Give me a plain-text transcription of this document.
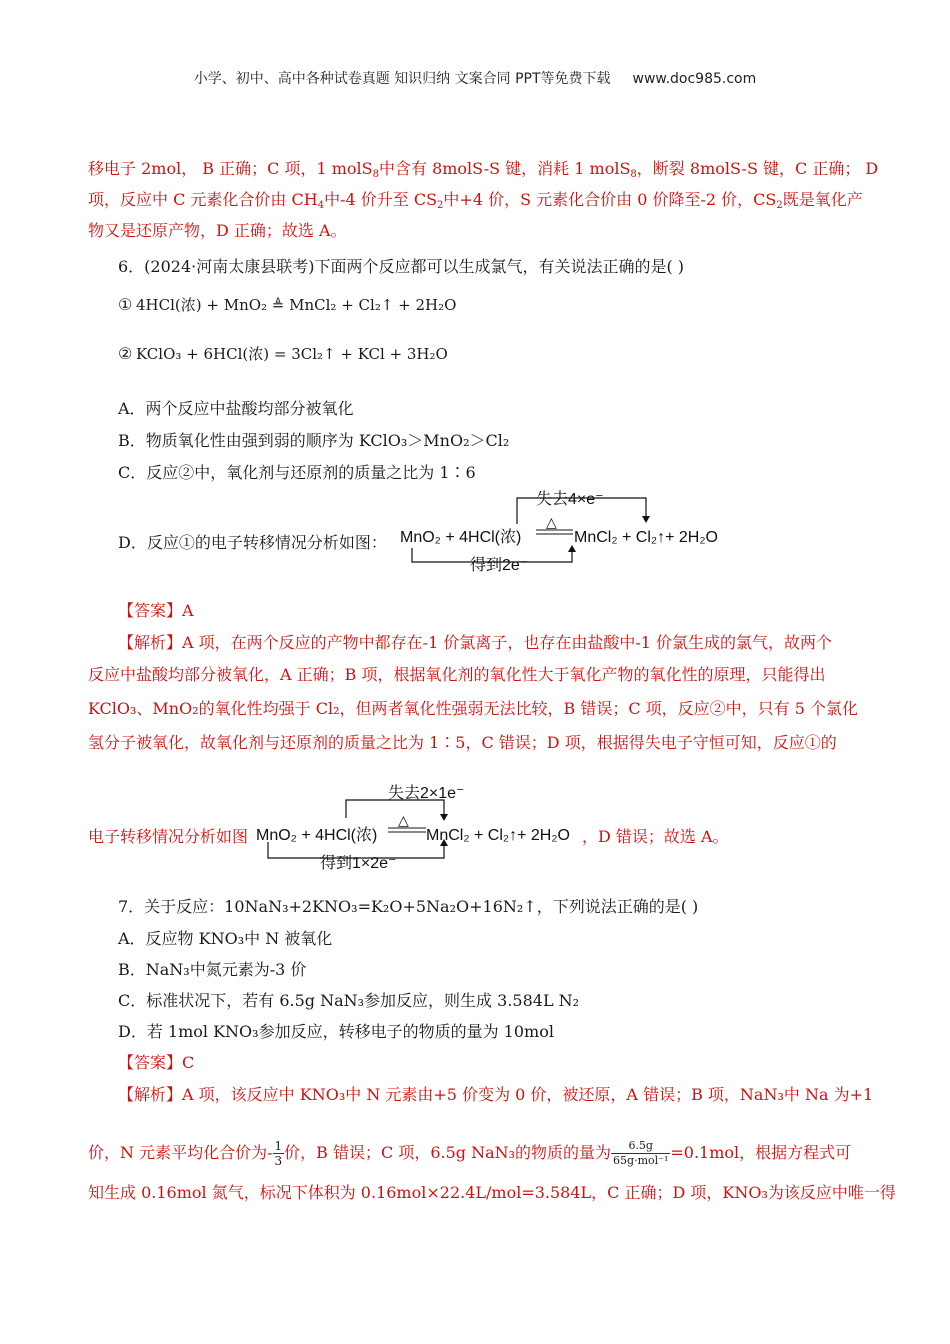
小学、初中、高中各种试卷真题 知识归纳 文案合同 PPT等免费下载 www.doc985.com
移电子 2mol， B 正确；C 项，1 molS$_8$中含有 8molS-S 键，消耗 1 molS$_8$，断裂 8molS-S 键，C 正确； D
项，反应中 C 元素化合价由 $CH_4$中-4 价升至 $CS_2$中+4 价，S 元素化合价由 0 价降至-2 价，$CS_2$既是氧化产
物又是还原产物，D 正确；故选 A。
6．(2024·河南太康县联考)下面两个反应都可以生成氯气，有关说法正确的是( )
① 4HCl(浓) + MnO₂ ≜ MnCl₂ + Cl₂↑ + 2H₂O
② KClO₃ + 6HCl(浓) = 3Cl₂↑ + KCl + 3H₂O
A．两个反应中盐酸均部分被氧化
B．物质氧化性由强到弱的顺序为 KClO₃＞MnO₂＞Cl₂
C．反应②中，氧化剂与还原剂的质量之比为 1∶6
D．反应①的电子转移情况分析如图：
失去4×e⁻
△
MnO₂ + 4HCl(浓)	MnCl₂ + Cl₂↑+ 2H₂O
得到2e⁻
【答案】A
【解析】A 项，在两个反应的产物中都存在-1 价氯离子，也存在由盐酸中-1 价氯生成的氯气，故两个
反应中盐酸均部分被氧化，A 正确；B 项，根据氧化剂的氧化性大于氧化产物的氧化性的原理，只能得出
KClO₃、MnO₂的氧化性均强于 Cl₂，但两者氧化性强弱无法比较，B 错误；C 项，反应②中，只有 5 个氯化
氢分子被氧化，故氧化剂与还原剂的质量之比为 1∶5，C 错误；D 项，根据得失电子守恒可知，反应①的
电子转移情况分析如图	，D 错误；故选 A。
失去2×1e⁻
△
MnO₂ + 4HCl(浓)	MnCl₂ + Cl₂↑+ 2H₂O
得到1×2e⁻
7．关于反应：10NaN₃+2KNO₃=K₂O+5Na₂O+16N₂↑，下列说法正确的是( )
A．反应物 KNO₃中 N 被氧化
B．NaN₃中氮元素为-3 价
C．标准状况下，若有 6.5g NaN₃参加反应，则生成 3.584L N₂
D．若 1mol KNO₃参加反应，转移电子的物质的量为 10mol
【答案】C
【解析】A 项，该反应中 KNO₃中 N 元素由+5 价变为 0 价，被还原，A 错误；B 项，NaN₃中 Na 为+1
价，N 元素平均化合价为- $\frac{1}{3}$ 价，B 错误；C 项，6.5g NaN₃的物质的量为 $\frac{6.5g}{\text{65g·mol⁻¹}} =0.1mol$，根据方程式可
知生成 0.16mol 氮气，标况下体积为 0.16mol×22.4L/mol=3.584L，C 正确；D 项，KNO₃为该反应中唯一得
